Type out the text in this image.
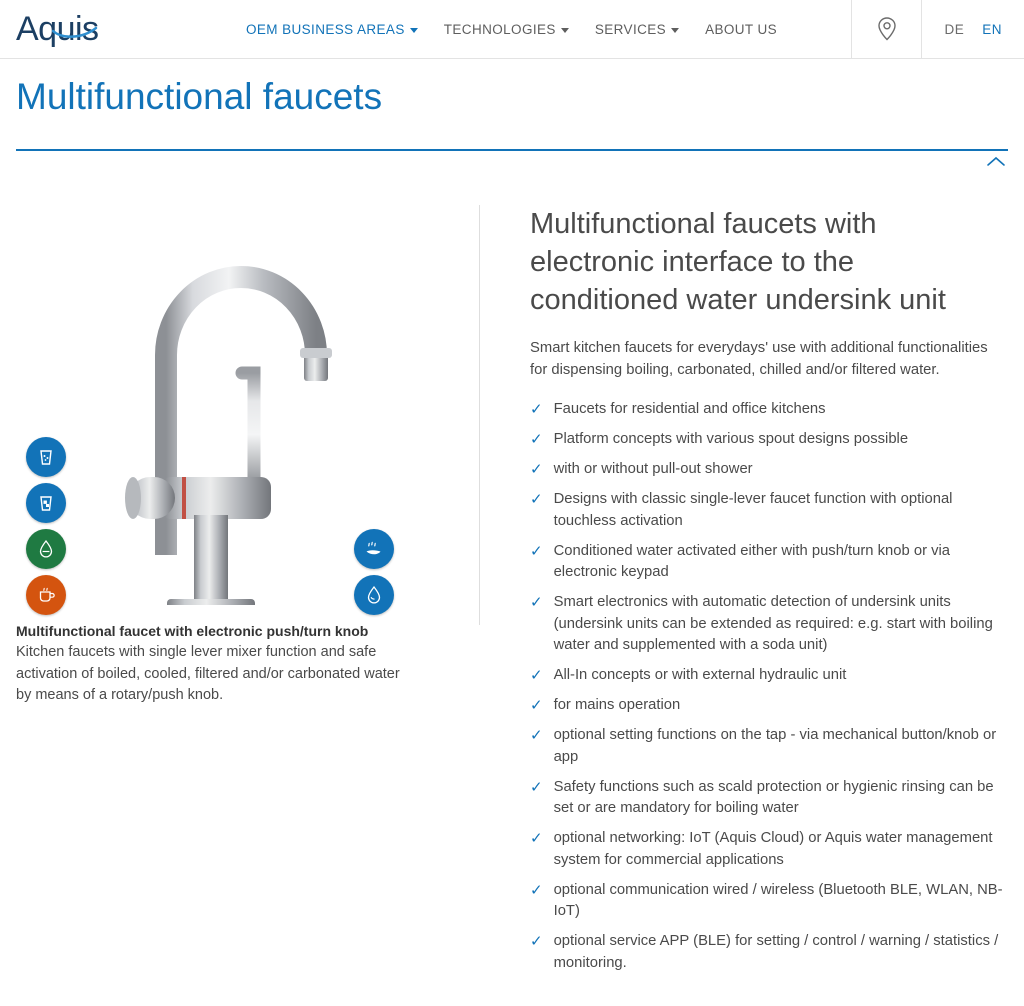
Aquis	OEM BUSINESS AREAS	TECHNOLOGIES	SERVICES	ABOUT US	DE EN
Multifunctional faucets
Multifunctional faucet with electronic push/turn knob
Kitchen faucets with single lever mixer function and safe activation of boiled, cooled, filtered and/or carbonated water by means of a rotary/push knob.
Multifunctional faucets with electronic interface to the conditioned water undersink unit

Smart kitchen faucets for everydays' use with additional functionalities for dispensing boiling, carbonated, chilled and/or filtered water.

✓ Faucets for residential and office kitchens
✓ Platform concepts with various spout designs possible
✓ with or without pull-out shower
✓ Designs with classic single-lever faucet function with optional touchless activation
✓ Conditioned water activated either with push/turn knob or via electronic keypad
✓ Smart electronics with automatic detection of undersink units (undersink units can be extended as required: e.g. start with boiling water and supplemented with a soda unit)
✓ All-In concepts or with external hydraulic unit
✓ for mains operation
✓ optional setting functions on the tap - via mechanical button/knob or app
✓ Safety functions such as scald protection or hygienic rinsing can be set or are mandatory for boiling water
✓ optional networking: IoT (Aquis Cloud) or Aquis water management system for commercial applications
✓ optional communication wired / wireless (Bluetooth BLE, WLAN, NB-IoT)
✓ optional service APP (BLE) for setting / control / warning / statistics / monitoring.
